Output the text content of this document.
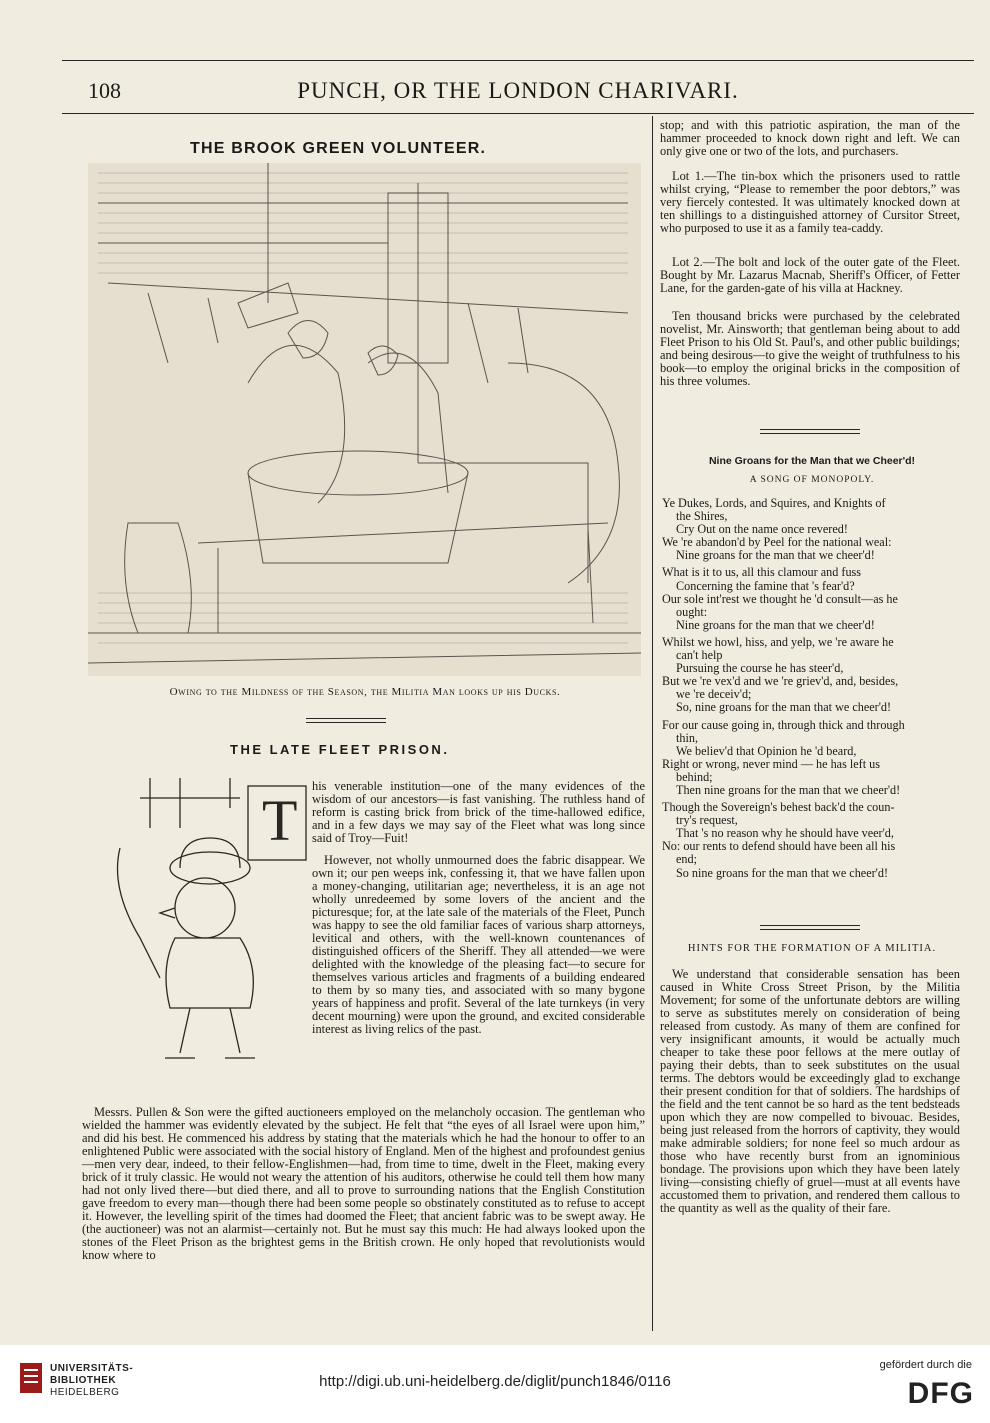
108	PUNCH, OR THE LONDON CHARIVARI.
THE BROOK GREEN VOLUNTEER.
Owing to the Mildness of the Season, the Militia Man looks up his Ducks.
THE LATE FLEET PRISON.
T

his venerable institution—one of the many evidences of the wisdom of our ancestors—is fast vanishing. The ruthless hand of reform is casting brick from brick of the time-hallowed edifice, and in a few days we may say of the Fleet what was long since said of Troy—Fuit!

However, not wholly unmourned does the fabric disappear. We own it; our pen weeps ink, confessing it, that we have fallen upon a money-changing, utilitarian age; nevertheless, it is an age not wholly unredeemed by some lovers of the ancient and the picturesque; for, at the late sale of the materials of the Fleet, Punch was happy to see the old familiar faces of various sharp attorneys, levitical and others, with the well-known countenances of distinguished officers of the Sheriff. They all attended—we were delighted with the knowledge of the pleasing fact—to secure for themselves various articles and fragments of a building endeared to them by so many ties, and associated with so many bygone years of happiness and profit. Several of the late turnkeys (in very decent mourning) were upon the ground, and excited considerable interest as living relics of the past.

Messrs. Pullen & Son were the gifted auctioneers employed on the melancholy occasion. The gentleman who wielded the hammer was evidently elevated by the subject. He felt that “the eyes of all Israel were upon him,” and did his best. He commenced his address by stating that the materials which he had the honour to offer to an enlightened Public were associated with the social history of England. Men of the highest and profoundest genius—men very dear, indeed, to their fellow-Englishmen—had, from time to time, dwelt in the Fleet, making every brick of it truly classic. He would not weary the attention of his auditors, otherwise he could tell them how many had not only lived there—but died there, and all to prove to surrounding nations that the English Constitution gave freedom to every man—though there had been some people so obstinately constituted as to refuse to accept it. However, the levelling spirit of the times had doomed the Fleet; that ancient fabric was to be swept away. He (the auctioneer) was not an alarmist—certainly not. But he must say this much: He had always looked upon the stones of the Fleet Prison as the brightest gems in the British crown. He only hoped that revolutionists would know where to

stop; and with this patriotic aspiration, the man of the hammer proceeded to knock down right and left. We can only give one or two of the lots, and purchasers.

Lot 1.—The tin-box which the prisoners used to rattle whilst crying, “Please to remember the poor debtors,” was very fiercely contested. It was ultimately knocked down at ten shillings to a distinguished attorney of Cursitor Street, who purposed to use it as a family tea-caddy.

Lot 2.—The bolt and lock of the outer gate of the Fleet. Bought by Mr. Lazarus Macnab, Sheriff's Officer, of Fetter Lane, for the garden-gate of his villa at Hackney.

Ten thousand bricks were purchased by the celebrated novelist, Mr. Ainsworth; that gentleman being about to add Fleet Prison to his Old St. Paul's, and other public buildings; and being desirous—to give the weight of truthfulness to his book—to employ the original bricks in the composition of his three volumes.

Nine Groans for the Man that we Cheer'd!
A SONG OF MONOPOLY.
Ye Dukes, Lords, and Squires, and Knights of
the Shires,
Cry Out on the name once revered!
We 're abandon'd by Peel for the national weal:
Nine groans for the man that we cheer'd!
What is it to us, all this clamour and fuss
Concerning the famine that 's fear'd?
Our sole int'rest we thought he 'd consult—as he
ought:
Nine groans for the man that we cheer'd!
Whilst we howl, hiss, and yelp, we 're aware he
can't help
Pursuing the course he has steer'd,
But we 're vex'd and we 're griev'd, and, besides,
we 're deceiv'd;
So, nine groans for the man that we cheer'd!
For our cause going in, through thick and through
thin,
We believ'd that Opinion he 'd beard,
Right or wrong, never mind — he has left us
behind;
Then nine groans for the man that we cheer'd!
Though the Sovereign's behest back'd the coun-
try's request,
That 's no reason why he should have veer'd,
No: our rents to defend should have been all his
end;
So nine groans for the man that we cheer'd!
HINTS FOR THE FORMATION OF A MILITIA.

We understand that considerable sensation has been caused in White Cross Street Prison, by the Militia Movement; for some of the unfortunate debtors are willing to serve as substitutes merely on consideration of being released from custody. As many of them are confined for very insignificant amounts, it would be actually much cheaper to take these poor fellows at the mere outlay of paying their debts, than to seek substitutes on the usual terms. The debtors would be exceedingly glad to exchange their present condition for that of soldiers. The hardships of the field and the tent cannot be so hard as the tent bedsteads upon which they are now compelled to bivouac. Besides, being just released from the horrors of captivity, they would make admirable soldiers; for none feel so much ardour as those who have recently burst from an ignominious bondage. The provisions upon which they have been lately living—consisting chiefly of gruel—must at all events have accustomed them to privation, and rendered them callous to the quantity as well as the quality of their fare.

UNIVERSITÄTS-
BIBLIOTHEK
HEIDELBERG
http://digi.ub.uni-heidelberg.de/diglit/punch1846/0116
gefördert durch die
DFG
